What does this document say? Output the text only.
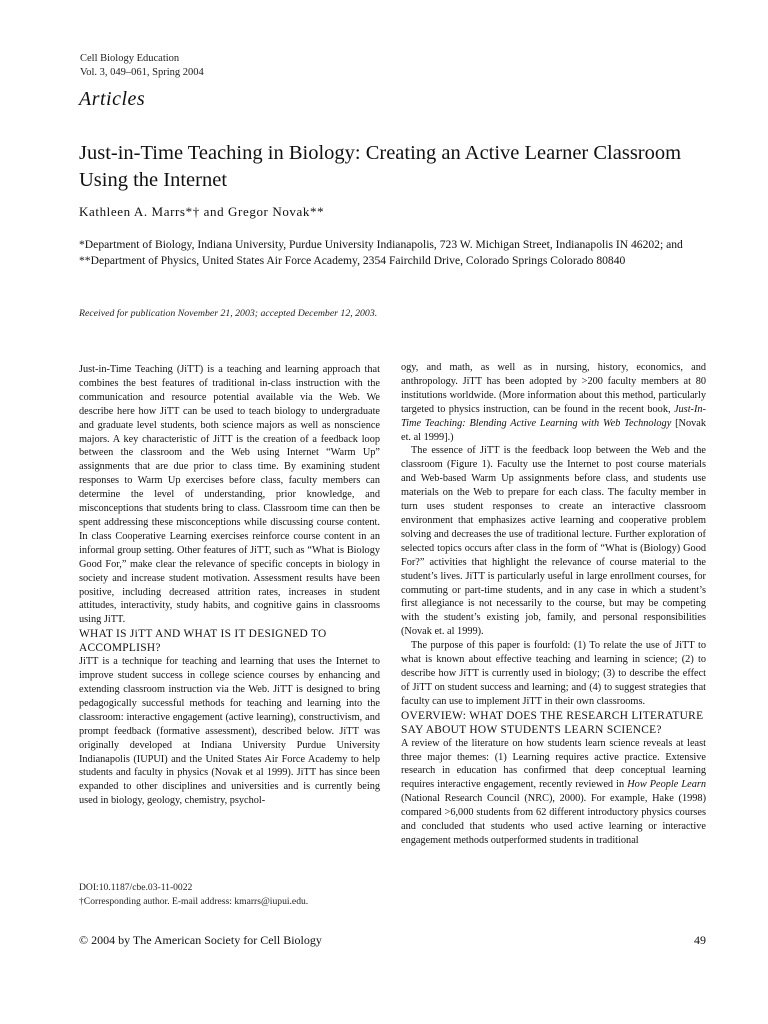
Cell Biology Education
Vol. 3, 049–061, Spring 2004
Articles
Just-in-Time Teaching in Biology: Creating an Active Learner Classroom Using the Internet
Kathleen A. Marrs*† and Gregor Novak**
*Department of Biology, Indiana University, Purdue University Indianapolis, 723 W. Michigan Street, Indianapolis IN 46202; and **Department of Physics, United States Air Force Academy, 2354 Fairchild Drive, Colorado Springs Colorado 80840
Received for publication November 21, 2003; accepted December 12, 2003.

Just-in-Time Teaching (JiTT) is a teaching and learning approach that combines the best features of traditional in-class instruction with the communication and resource potential available via the Web. We describe here how JiTT can be used to teach biology to undergraduate and graduate level students, both science majors as well as nonscience majors. A key characteristic of JiTT is the creation of a feedback loop between the classroom and the Web using Internet “Warm Up” assignments that are due prior to class time. By examining student responses to Warm Up exercises before class, faculty members can determine the level of understanding, prior knowledge, and misconceptions that students bring to class. Classroom time can then be spent addressing these misconceptions while discussing course content. In class Cooperative Learning exercises reinforce course content in an informal group setting. Other features of JiTT, such as “What is Biology Good For,” make clear the relevance of specific concepts in biology in society and increase student motivation. Assessment results have been positive, including decreased attrition rates, increases in student attitudes, interactivity, study habits, and cognitive gains in classrooms using JiTT.

WHAT IS JiTT AND WHAT IS IT DESIGNED TO ACCOMPLISH?

JiTT is a technique for teaching and learning that uses the Internet to improve student success in college science courses by enhancing and extending classroom instruction via the Web. JiTT is designed to bring pedagogically successful methods for teaching and learning into the classroom: interactive engagement (active learning), constructivism, and prompt feedback (formative assessment), described below. JiTT was originally developed at Indiana University Purdue University Indianapolis (IUPUI) and the United States Air Force Academy to help students and faculty in physics (Novak et al 1999). JiTT has since been expanded to other disciplines and universities and is currently being used in biology, geology, chemistry, psychol-

ogy, and math, as well as in nursing, history, economics, and anthropology. JiTT has been adopted by >200 faculty members at 80 institutions worldwide. (More information about this method, particularly targeted to physics instruction, can be found in the recent book, Just-In-Time Teaching: Blending Active Learning with Web Technology [Novak et. al 1999].)

The essence of JiTT is the feedback loop between the Web and the classroom (Figure 1). Faculty use the Internet to post course materials and Web-based Warm Up assignments before class, and students use materials on the Web to prepare for each class. The faculty member in turn uses student responses to create an interactive classroom environment that emphasizes active learning and cooperative problem solving and decreases the use of traditional lecture. Further exploration of selected topics occurs after class in the form of “What is (Biology) Good For?” activities that highlight the relevance of course material to the student’s lives. JiTT is particularly useful in large enrollment courses, for commuting or part-time students, and in any case in which a student’s first allegiance is not necessarily to the course, but may be competing with the student’s existing job, family, and personal responsibilities (Novak et. al 1999).

The purpose of this paper is fourfold: (1) To relate the use of JiTT to what is known about effective teaching and learning in science; (2) to describe how JiTT is currently used in biology; (3) to describe the effect of JiTT on student success and learning; and (4) to suggest strategies that faculty can use to implement JiTT in their own classrooms.

OVERVIEW: WHAT DOES THE RESEARCH LITERATURE SAY ABOUT HOW STUDENTS LEARN SCIENCE?

A review of the literature on how students learn science reveals at least three major themes: (1) Learning requires active practice. Extensive research in education has confirmed that deep conceptual learning requires interactive engagement, recently reviewed in How People Learn (National Research Council (NRC), 2000). For example, Hake (1998) compared >6,000 students from 62 different introductory physics courses and concluded that students who used active learning or interactive engagement methods outperformed students in traditional

DOI:10.1187/cbe.03-11-0022
†Corresponding author. E-mail address: kmarrs@iupui.edu.
© 2004 by The American Society for Cell Biology	49
